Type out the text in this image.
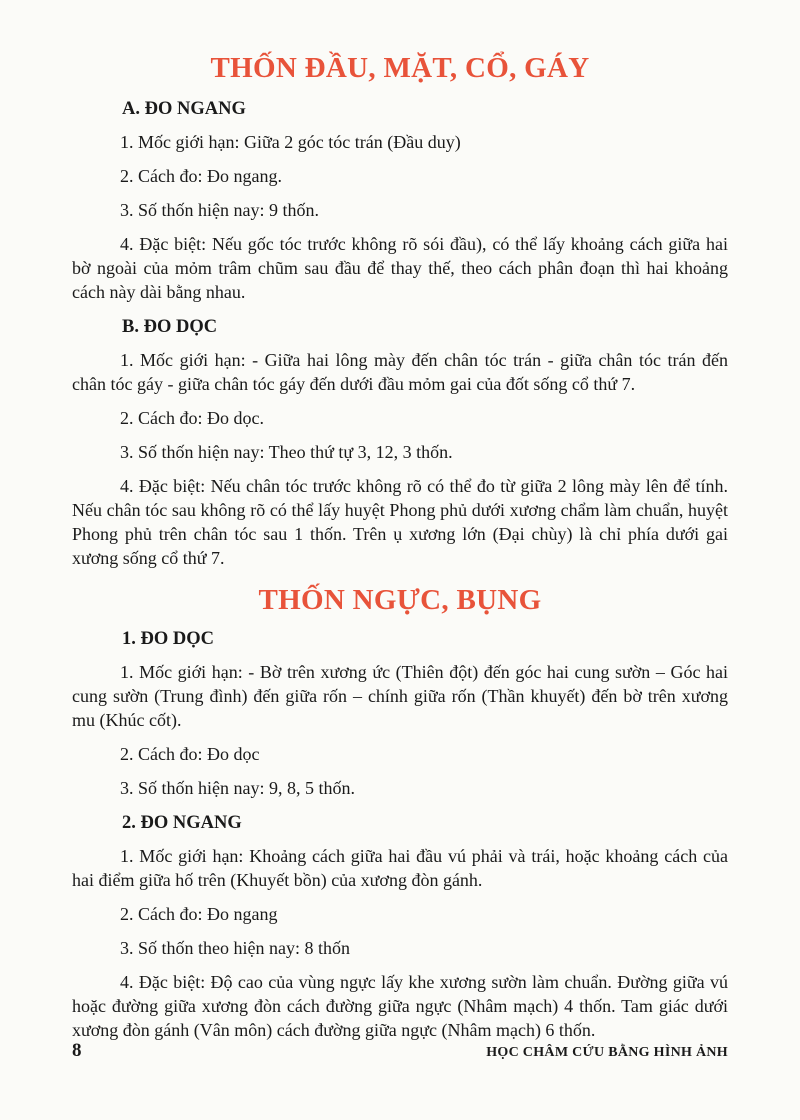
THỐN ĐẦU, MẶT, CỔ, GÁY
A. ĐO NGANG

1. Mốc giới hạn: Giữa 2 góc tóc trán (Đầu duy)

2. Cách đo: Đo ngang.

3. Số thốn hiện nay: 9 thốn.

4. Đặc biệt: Nếu gốc tóc trước không rõ sói đầu), có thể lấy khoảng cách giữa hai bờ ngoài của mỏm trâm chũm sau đầu để thay thế, theo cách phân đoạn thì hai khoảng cách này dài bằng nhau.

B. ĐO DỌC

1. Mốc giới hạn: - Giữa hai lông mày đến chân tóc trán - giữa chân tóc trán đến chân tóc gáy - giữa chân tóc gáy đến dưới đầu mỏm gai của đốt sống cổ thứ 7.

2. Cách đo: Đo dọc.

3. Số thốn hiện nay: Theo thứ tự 3, 12, 3 thốn.

4. Đặc biệt: Nếu chân tóc trước không rõ có thể đo từ giữa 2 lông mày lên để tính. Nếu chân tóc sau không rõ có thể lấy huyệt Phong phủ dưới xương chẩm làm chuẩn, huyệt Phong phủ trên chân tóc sau 1 thốn. Trên ụ xương lớn (Đại chùy) là chỉ phía dưới gai xương sống cổ thứ 7.

THỐN NGỰC, BỤNG
1. ĐO DỌC

1. Mốc giới hạn: - Bờ trên xương ức (Thiên đột) đến góc hai cung sườn – Góc hai cung sườn (Trung đình) đến giữa rốn – chính giữa rốn (Thần khuyết) đến bờ trên xương mu (Khúc cốt).

2. Cách đo: Đo dọc

3. Số thốn hiện nay: 9, 8, 5 thốn.

2. ĐO NGANG

1. Mốc giới hạn: Khoảng cách giữa hai đầu vú phải và trái, hoặc khoảng cách của hai điểm giữa hố trên (Khuyết bồn) của xương đòn gánh.

2. Cách đo: Đo ngang

3. Số thốn theo hiện nay: 8 thốn

4. Đặc biệt: Độ cao của vùng ngực lấy khe xương sườn làm chuẩn. Đường giữa vú hoặc đường giữa xương đòn cách đường giữa ngực (Nhâm mạch) 4 thốn. Tam giác dưới xương đòn gánh (Vân môn) cách đường giữa ngực (Nhâm mạch) 6 thốn.

8	HỌC CHÂM CỨU BẰNG HÌNH ẢNH
